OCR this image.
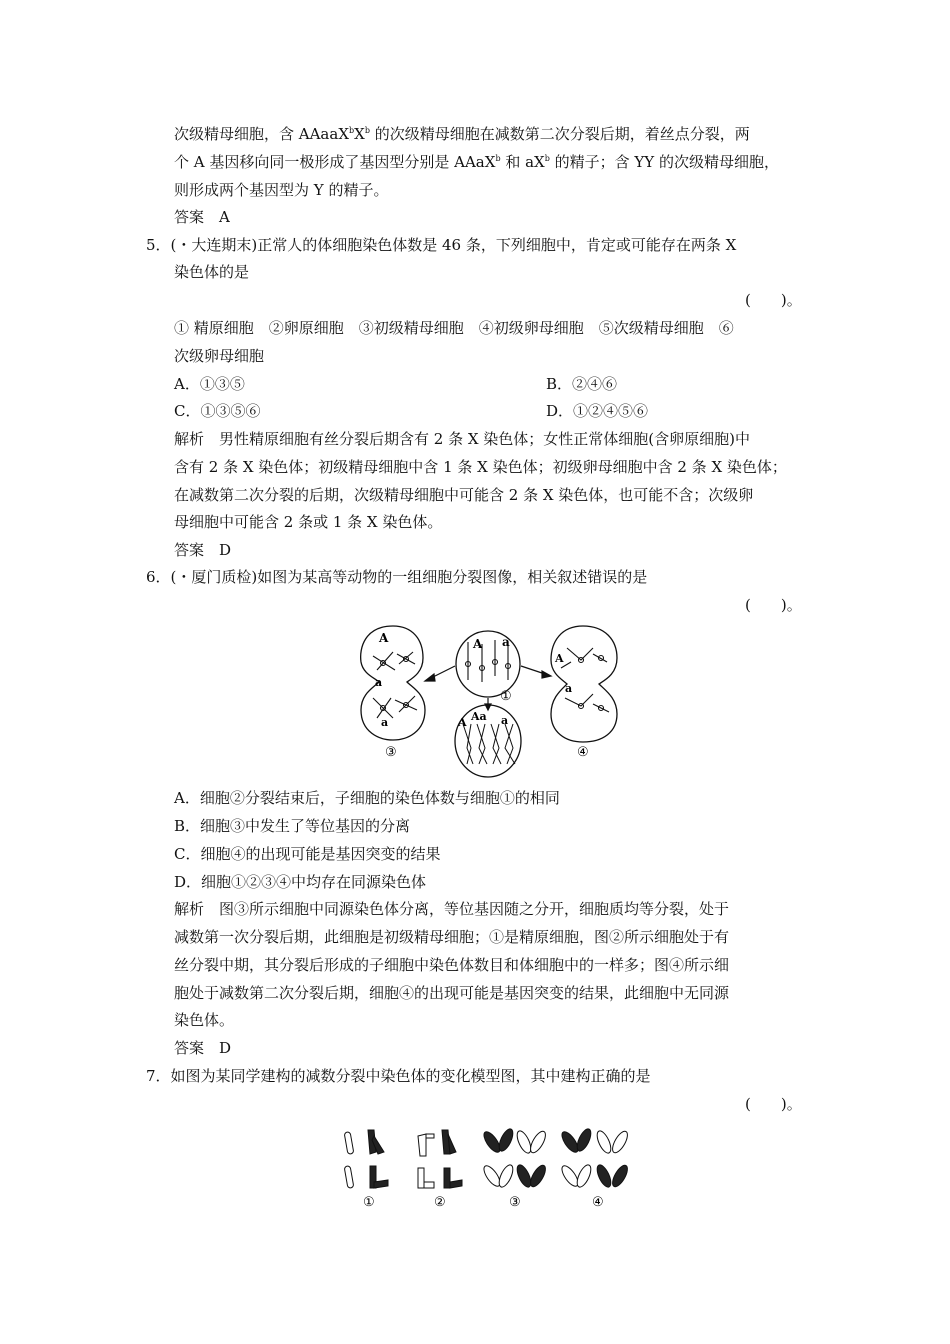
次级精母细胞，含 $AAaaX^bX^b$ 的次级精母细胞在减数第二次分裂后期，着丝点分裂，两
个 A 基因移向同一极形成了基因型分别是 AAaX$^b$ 和 $aX^b$ 的精子；含 YY 的次级精母细胞，
则形成两个基因型为 Y 的精子。
答案　A
5．(・大连期末)正常人的体细胞染色体数是 46 条，下列细胞中，肯定或可能存在两条 X
染色体的是
(　　)。
① 精原细胞　②卵原细胞　③初级精母细胞　④初级卵母细胞　⑤次级精母细胞　⑥
次级卵母细胞
A．①③⑤	B．②④⑥
C．①③⑤⑥	D．①②④⑤⑥
解析　男性精原细胞有丝分裂后期含有 2 条 X 染色体；女性正常体细胞(含卵原细胞)中
含有 2 条 X 染色体；初级精母细胞中含 1 条 X 染色体；初级卵母细胞中含 2 条 X 染色体；
在减数第二次分裂的后期，次级精母细胞中可能含 2 条 X 染色体，也可能不含；次级卵
母细胞中可能含 2 条或 1 条 X 染色体。
答案　D
6．(・厦门质检)如图为某高等动物的一组细胞分裂图像，相关叙述错误的是
(　　)。
A
a
a
A a
A Aa a
A
a
①
③	④
A．细胞②分裂结束后，子细胞的染色体数与细胞①的相同
B．细胞③中发生了等位基因的分离
C．细胞④的出现可能是基因突变的结果
D．细胞①②③④中均存在同源染色体
解析　图③所示细胞中同源染色体分离，等位基因随之分开，细胞质均等分裂，处于
减数第一次分裂后期，此细胞是初级精母细胞；①是精原细胞，图②所示细胞处于有
丝分裂中期，其分裂后形成的子细胞中染色体数目和体细胞中的一样多；图④所示细
胞处于减数第二次分裂后期，细胞④的出现可能是基因突变的结果，此细胞中无同源
染色体。
答案　D
7．如图为某同学建构的减数分裂中染色体的变化模型图，其中建构正确的是
(　　)。
①	②	③	④
